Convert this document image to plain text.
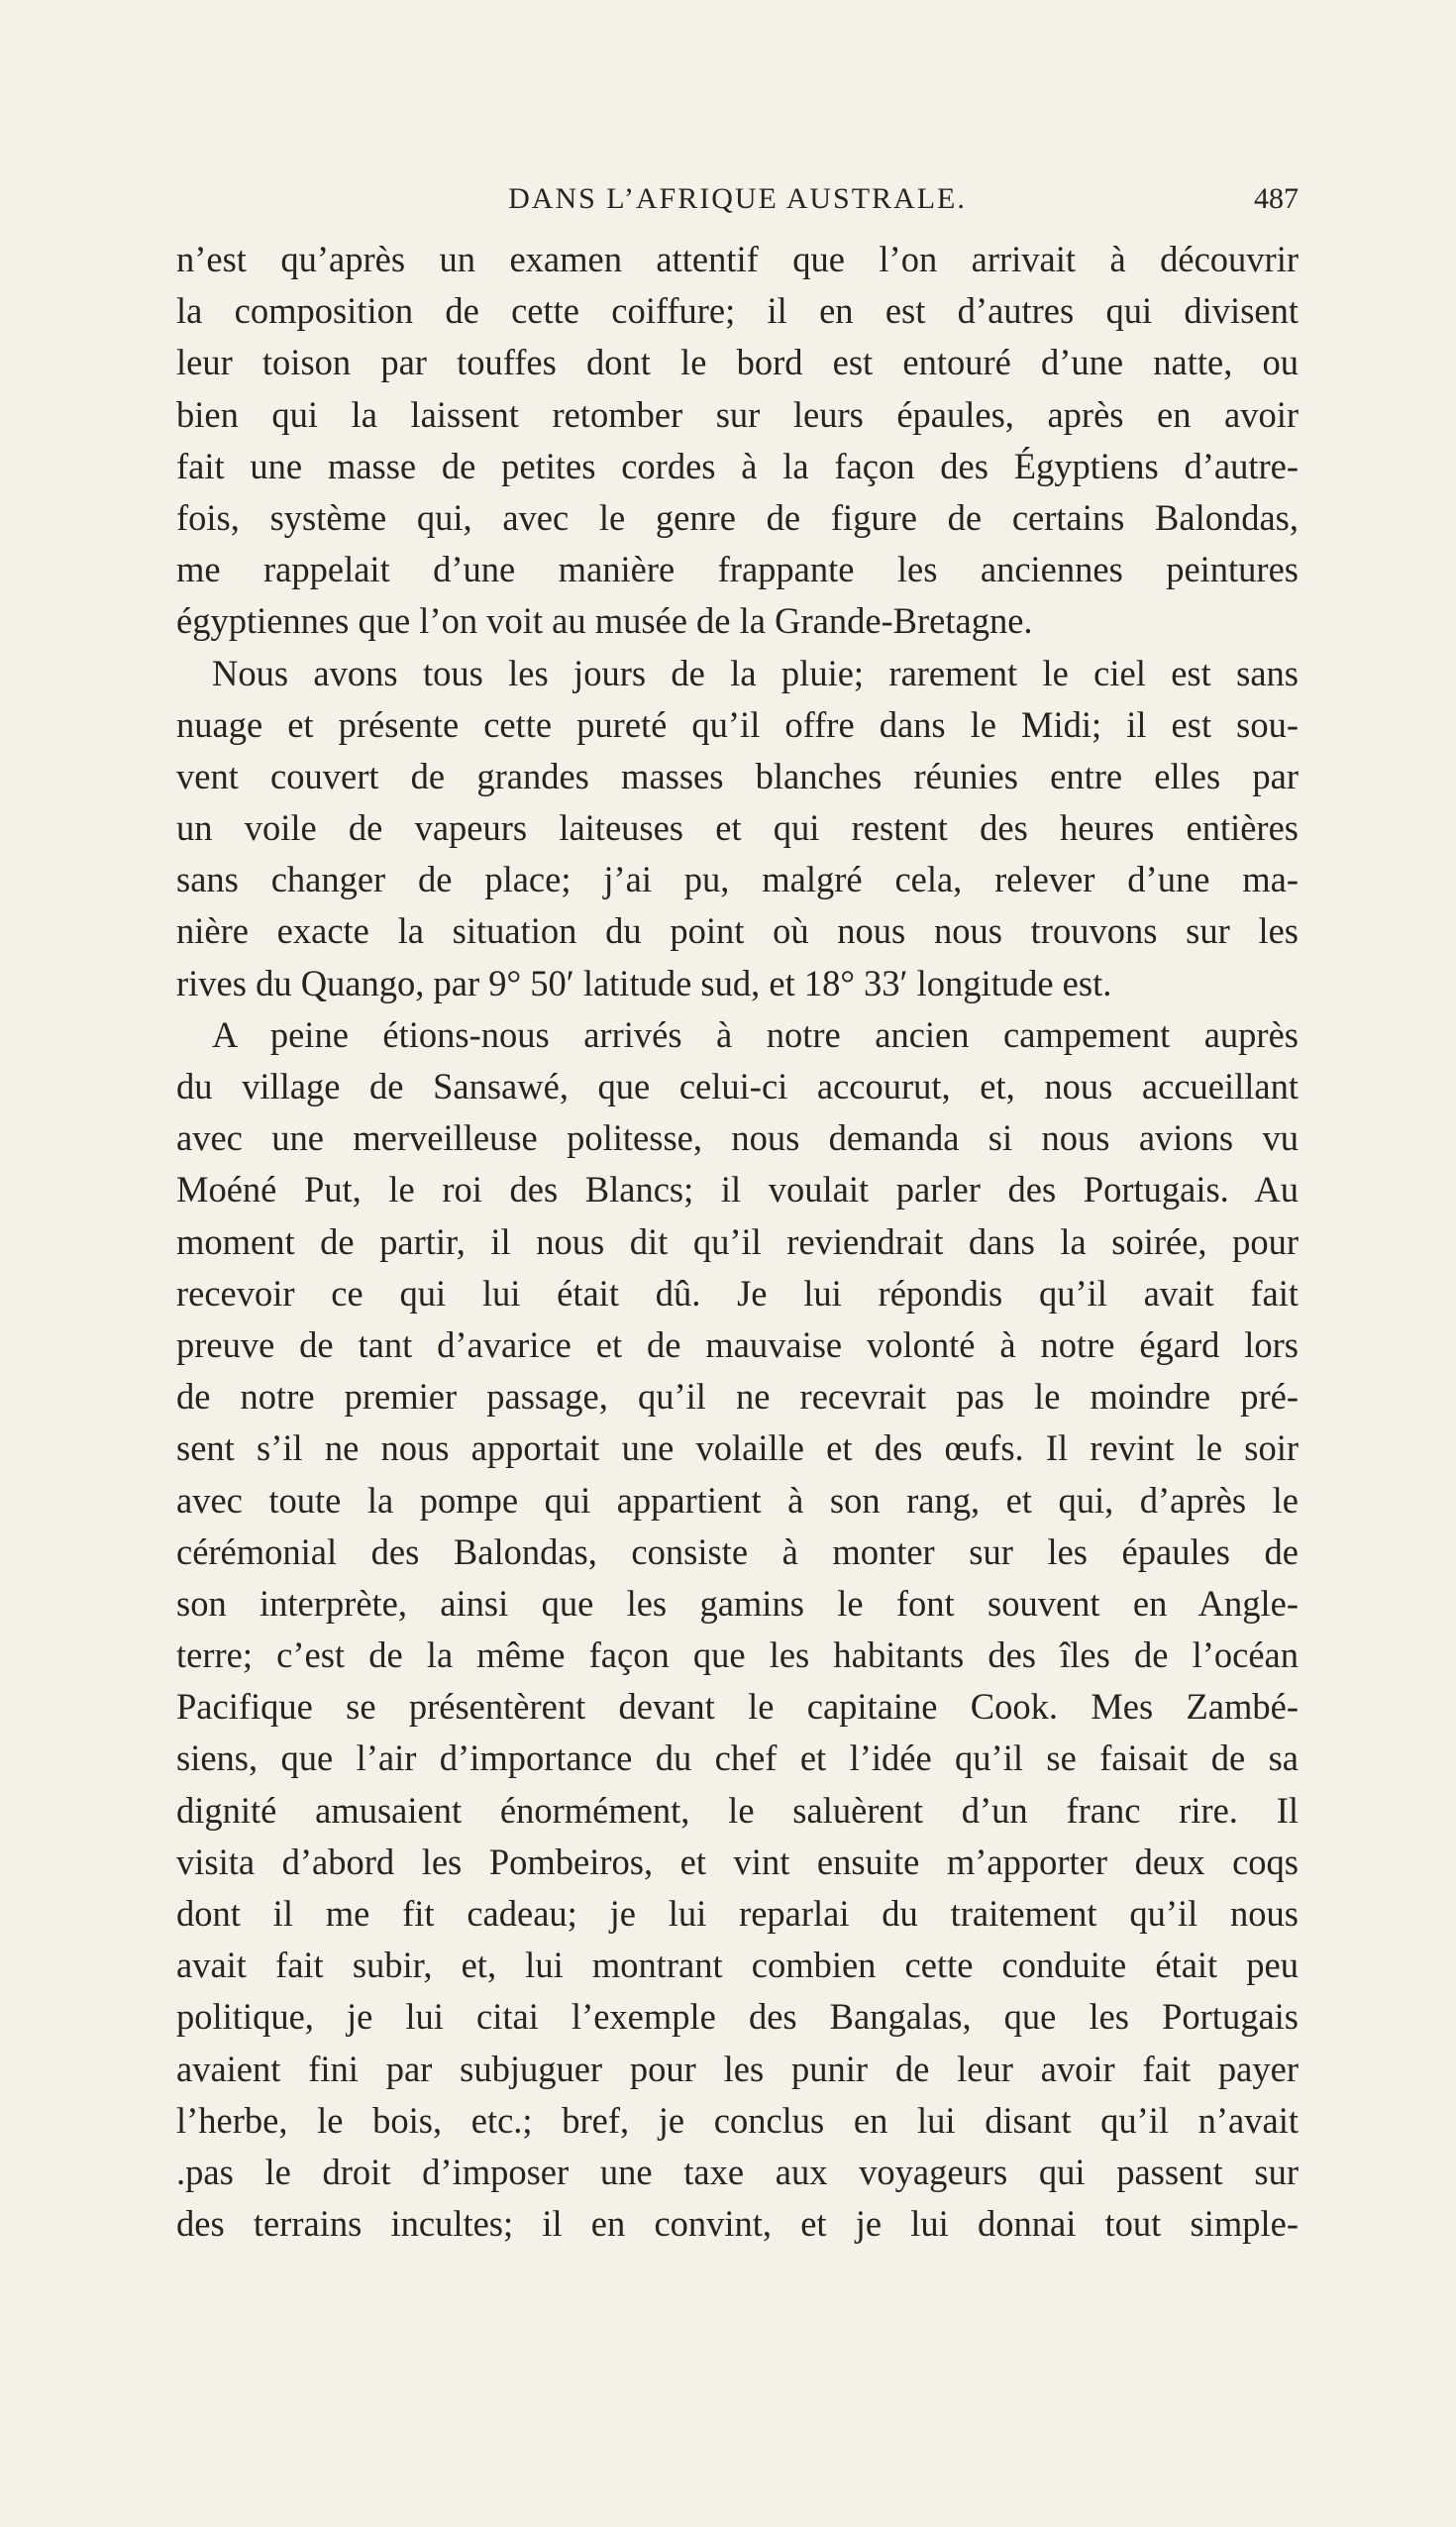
DANS L’AFRIQUE AUSTRALE.	487
n’est qu’après un examen attentif que l’on arrivait à découvrir
la composition de cette coiffure; il en est d’autres qui divisent
leur toison par touffes dont le bord est entouré d’une natte, ou
bien qui la laissent retomber sur leurs épaules, après en avoir
fait une masse de petites cordes à la façon des Égyptiens d’autre-
fois, système qui, avec le genre de figure de certains Balondas,
me rappelait d’une manière frappante les anciennes peintures
égyptiennes que l’on voit au musée de la Grande-Bretagne.
Nous avons tous les jours de la pluie; rarement le ciel est sans
nuage et présente cette pureté qu’il offre dans le Midi; il est sou-
vent couvert de grandes masses blanches réunies entre elles par
un voile de vapeurs laiteuses et qui restent des heures entières
sans changer de place; j’ai pu, malgré cela, relever d’une ma-
nière exacte la situation du point où nous nous trouvons sur les
rives du Quango, par 9° 50′ latitude sud, et 18° 33′ longitude est.
A peine étions-nous arrivés à notre ancien campement auprès
du village de Sansawé, que celui-ci accourut, et, nous accueillant
avec une merveilleuse politesse, nous demanda si nous avions vu
Moéné Put, le roi des Blancs; il voulait parler des Portugais. Au
moment de partir, il nous dit qu’il reviendrait dans la soirée, pour
recevoir ce qui lui était dû. Je lui répondis qu’il avait fait
preuve de tant d’avarice et de mauvaise volonté à notre égard lors
de notre premier passage, qu’il ne recevrait pas le moindre pré-
sent s’il ne nous apportait une volaille et des œufs. Il revint le soir
avec toute la pompe qui appartient à son rang, et qui, d’après le
cérémonial des Balondas, consiste à monter sur les épaules de
son interprète, ainsi que les gamins le font souvent en Angle-
terre; c’est de la même façon que les habitants des îles de l’océan
Pacifique se présentèrent devant le capitaine Cook. Mes Zambé-
siens, que l’air d’importance du chef et l’idée qu’il se faisait de sa
dignité amusaient énormément, le saluèrent d’un franc rire. Il
visita d’abord les Pombeiros, et vint ensuite m’apporter deux coqs
dont il me fit cadeau; je lui reparlai du traitement qu’il nous
avait fait subir, et, lui montrant combien cette conduite était peu
politique, je lui citai l’exemple des Bangalas, que les Portugais
avaient fini par subjuguer pour les punir de leur avoir fait payer
l’herbe, le bois, etc.; bref, je conclus en lui disant qu’il n’avait
.pas le droit d’imposer une taxe aux voyageurs qui passent sur
des terrains incultes; il en convint, et je lui donnai tout simple-
